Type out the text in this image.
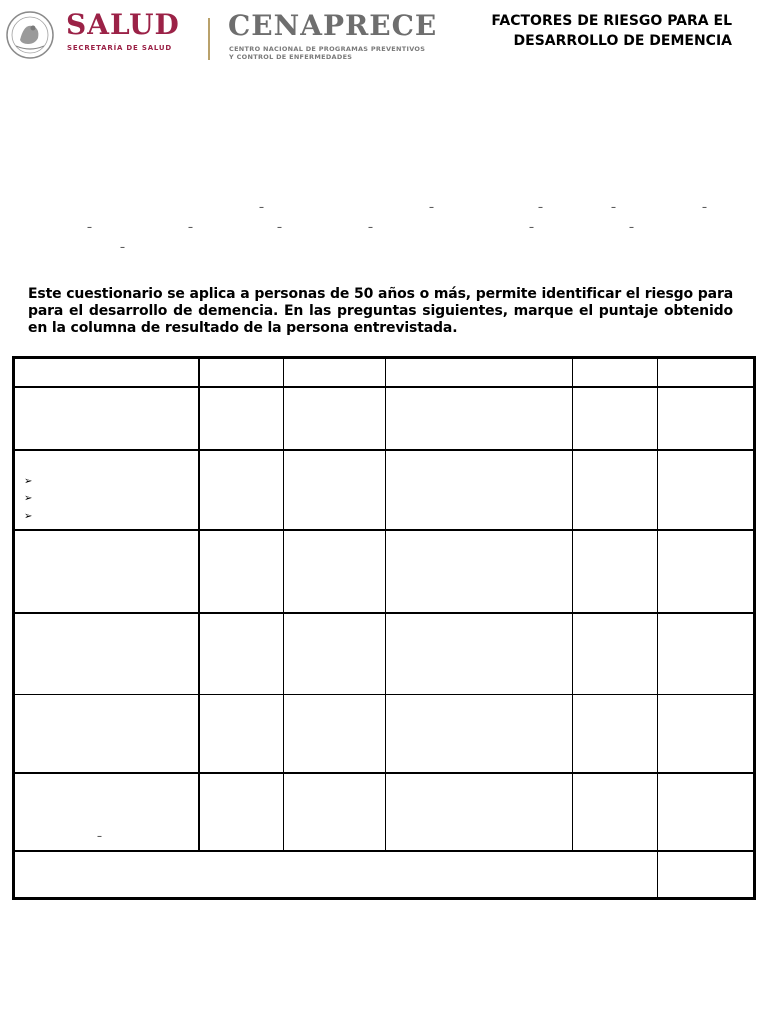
SALUD
SECRETARÍA DE SALUD
CENAPRECE
CENTRO NACIONAL DE PROGRAMAS PREVENTIVOS
Y CONTROL DE ENFERMEDADES
FACTORES DE RIESGO PARA EL
DESARROLLO DE DEMENCIA
–	–	–	–	–
–	–	–	–	–	–
–
Este cuestionario se aplica a personas de 50 años o más, permite identificar el riesgo para para el desarrollo de demencia. En las preguntas siguientes, marque el puntaje obtenido en la columna de resultado de la persona entrevistada.
➢
➢
➢
–
